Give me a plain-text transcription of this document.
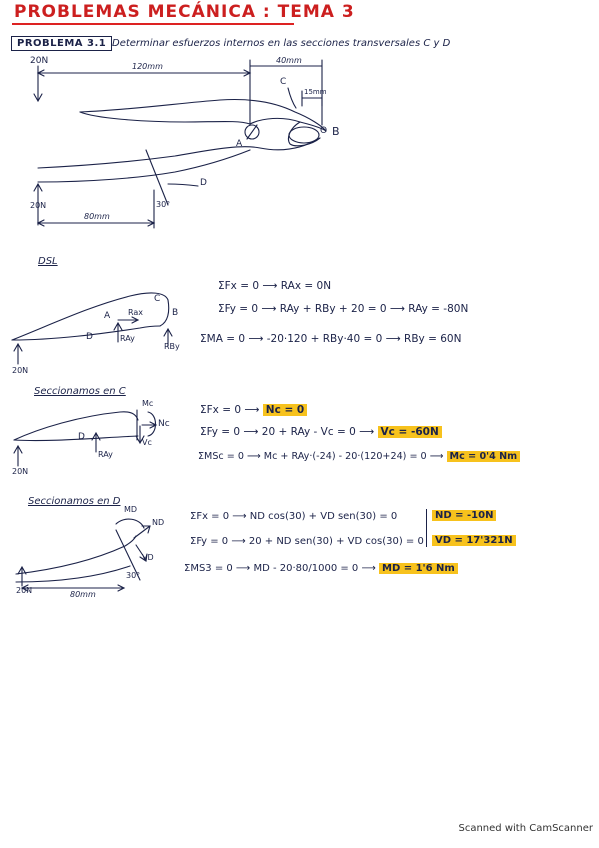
PROBLEMAS MECÁNICA : TEMA 3
PROBLEMA 3.1 Determinar esfuerzos internos en las secciones transversales C y D
20N
120mm
40mm
C
15mm
A
O B
D
20N
80mm
30°
DSL
A Rax
RAy
B
RBy
C
D
20N
ΣFx = 0 ⟶ RAx = 0N
ΣFy = 0 ⟶ RAy + RBy + 20 = 0 ⟶ RAy = -80N
ΣMA = 0 ⟶ -20·120 + RBy·40 = 0 ⟶ RBy = 60N
Seccionamos en C
Mc
Nc
Vc
D
RAy
20N
ΣFx = 0 ⟶ Nc = 0
ΣFy = 0 ⟶ 20 + RAy - Vc = 0 ⟶ Vc = -60N
ΣMSc = 0 ⟶ Mc + RAy·(-24) - 20·(120+24) = 0 ⟶ Mc = 0'4 Nm
Seccionamos en D
MD
ND
VD
30°
20N	80mm
ΣFx = 0 ⟶ ND cos(30) + VD sen(30) = 0
ΣFy = 0 ⟶ 20 + ND sen(30) + VD cos(30) = 0
ΣMS3 = 0 ⟶ MD - 20·80/1000 = 0 ⟶ MD = 1'6 Nm
ND = -10N
VD = 17'321N
Scanned with CamScanner
